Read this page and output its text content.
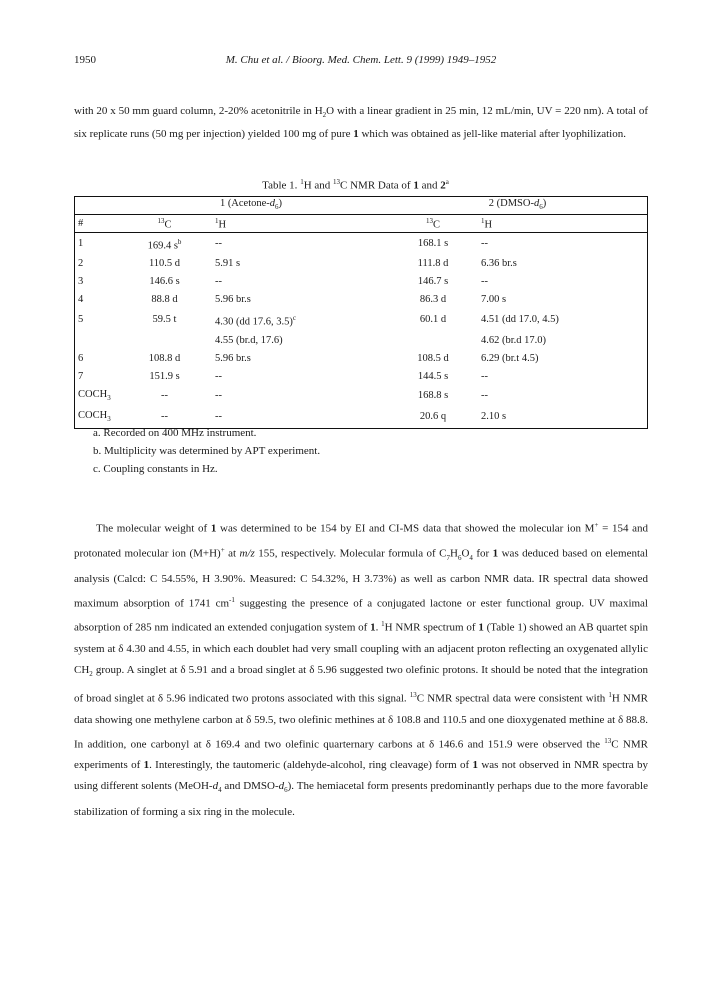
1950	M. Chu et al. / Bioorg. Med. Chem. Lett. 9 (1999) 1949–1952
with 20 x 50 mm guard column, 2-20% acetonitrile in $H_2O$ with a linear gradient in 25 min, 12 mL/min, UV = 220 nm). A total of six replicate runs (50 mg per injection) yielded 100 mg of pure 1 which was obtained as jell-like material after lyophilization.
Table 1. $^1$H and $^{13}$C NMR Data of 1 and 2$^a$
	1 $(Acetone-d_6)$		2 $(DMSO-d_6)$	
#	$^{13}$C	$^1$H	$^{13}$C	$^1$H
1	169.4 $s^b$	--	168.1 s	--
2	110.5 d	5.91 s	111.8 d	6.36 br.s
3	146.6 s	--	146.7 s	--
4	88.8 d	5.96 br.s	86.3 d	7.00 s
5	59.5 t	4.30 (dd 17.6, 3.5)$^c$	60.1 d	4.51 (dd 17.0, 4.5)
		4.55 (br.d, 17.6)		4.62 (br.d 17.0)
6	108.8 d	5.96 br.s	108.5 d	6.29 (br.t 4.5)
7	151.9 s	--	144.5 s	--
$COCH_3$	--	--	168.8 s	--
$COCH_3$	--	--	20.6 q	2.10 s
a. Recorded on 400 MHz instrument.
b. Multiplicity was determined by APT experiment.
c. Coupling constants in Hz.
The molecular weight of 1 was determined to be 154 by EI and CI-MS data that showed the molecular ion M+ = 154 and protonated molecular ion (M+H)+ at m/z 155, respectively. Molecular formula of $C_7H_6O_4$ for 1 was deduced based on elemental analysis (Calcd: C 54.55%, H 3.90%. Measured: C 54.32%, H 3.73%) as well as carbon NMR data. IR spectral data showed maximum absorption of 1741 $cm^{-1}$ suggesting the presence of a conjugated lactone or ester functional group. UV maximal absorption of 285 nm indicated an extended conjugation system of 1. $^1$H NMR spectrum of 1 (Table 1) showed an AB quartet spin system at δ 4.30 and 4.55, in which each doublet had very small coupling with an adjacent proton reflecting an oxygenated allylic $CH_2$ group. A singlet at δ 5.91 and a broad singlet at δ 5.96 suggested two olefinic protons. It should be noted that the integration of broad singlet at δ 5.96 indicated two protons associated with this signal. $^{13}$C NMR spectral data were consistent with $^1$H NMR data showing one methylene carbon at δ 59.5, two olefinic methines at δ 108.8 and 110.5 and one dioxygenated methine at δ 88.8. In addition, one carbonyl at δ 169.4 and two olefinic quarternary carbons at δ 146.6 and 151.9 were observed the $^{13}$C NMR experiments of 1. Interestingly, the tautomeric (aldehyde-alcohol, ring cleavage) form of 1 was not observed in NMR spectra by using different solents ($MeOH-d_4$ and DMSO-$d_6$). The hemiacetal form presents predominantly perhaps due to the more favorable stabilization of forming a six ring in the molecule.
